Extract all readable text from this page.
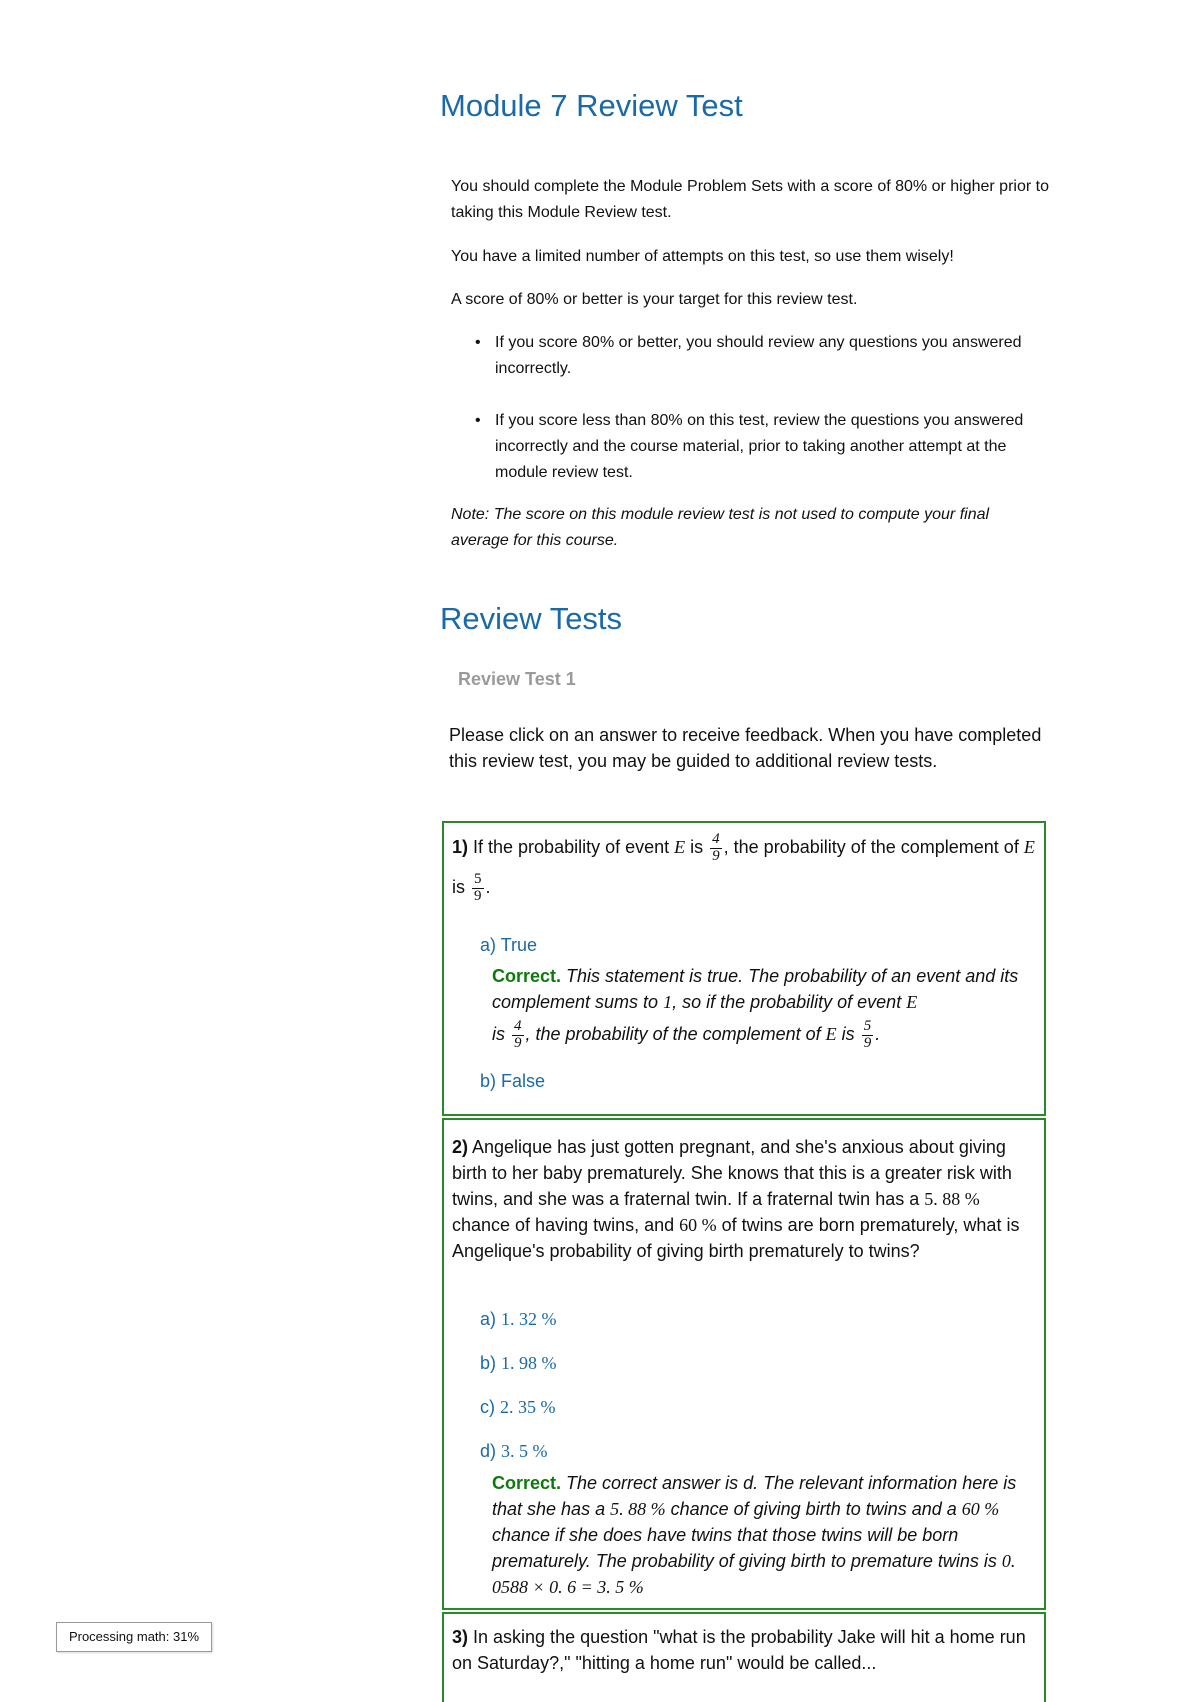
Module 7 Review Test

You should complete the Module Problem Sets with a score of 80% or higher prior to taking this Module Review test.

You have a limited number of attempts on this test, so use them wisely!

A score of 80% or better is your target for this review test.

• If you score 80% or better, you should review any questions you answered incorrectly.
• If you score less than 80% on this test, review the questions you answered incorrectly and the course material, prior to taking another attempt at the module review test.

Note: The score on this module review test is not used to compute your final average for this course.

Review Tests
Review Test 1

Please click on an answer to receive feedback. When you have completed this review test, you may be guided to additional review tests.

1) If the probability of event E is $\frac{4}{9}$ , the probability of the complement of E is $\frac{5}{9}$ .

a) True

Correct. This statement is true. The probability of an event and its complement sums to 1, so if the probability of event E
is $\frac{4}{9}$ , the probability of the complement of E is $\frac{5}{9}$ .

b) False

2) Angelique has just gotten pregnant, and she's anxious about giving birth to her baby prematurely. She knows that this is a greater risk with twins, and she was a fraternal twin. If a fraternal twin has a 5. 88 % chance of having twins, and 60 % of twins are born prematurely, what is Angelique's probability of giving birth prematurely to twins?

a) 1. 32 %

b) 1. 98 %

c) 2. 35 %

d) 3. 5 %

Correct. The correct answer is d. The relevant information here is that she has a 5. 88 % chance of giving birth to twins and a 60 % chance if she does have twins that those twins will be born prematurely. The probability of giving birth to premature twins is 0. 0588 × 0. 6 = 3. 5 %

3) In asking the question "what is the probability Jake will hit a home run on Saturday?," "hitting a home run" would be called...

Processing math: 31%
